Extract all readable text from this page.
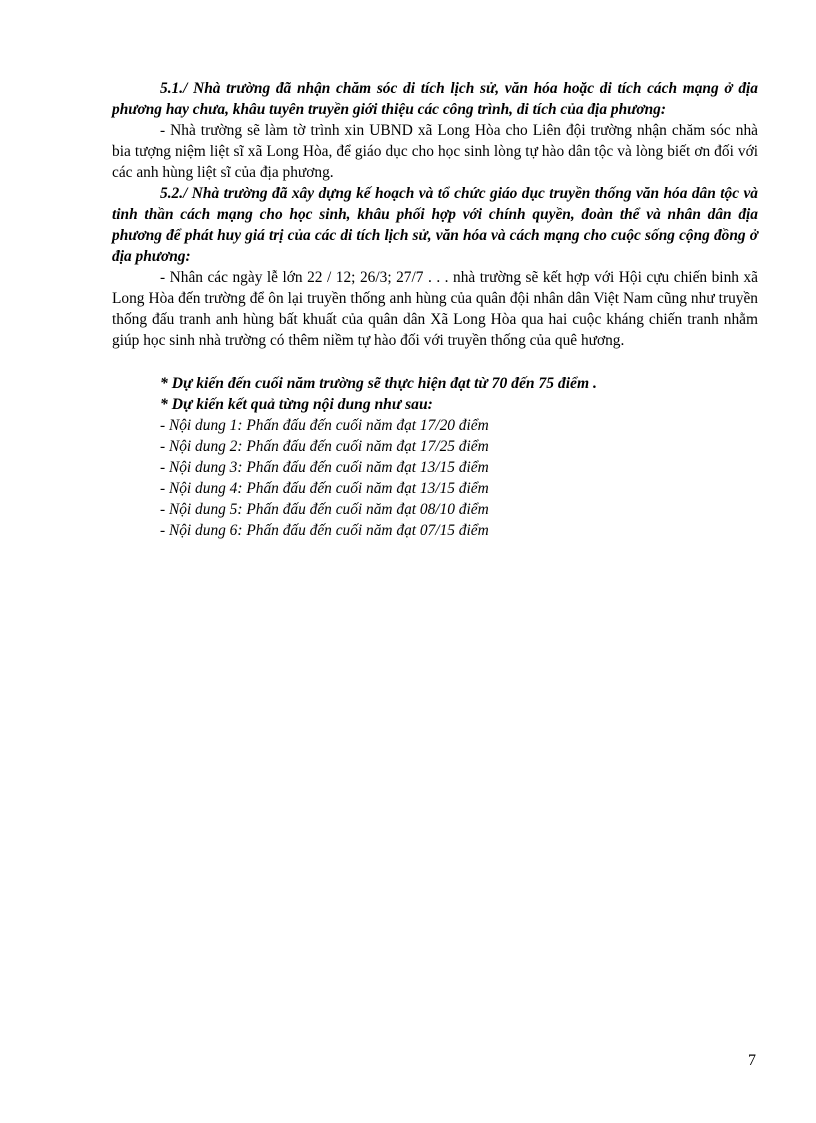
5.1./ Nhà trường đã nhận chăm sóc di tích lịch sử, văn hóa hoặc di tích cách mạng ở địa phương hay chưa, khâu tuyên truyền giới thiệu các công trình, di tích của địa phương:

- Nhà trường sẽ làm tờ trình xin UBND xã Long Hòa cho Liên đội trường nhận chăm sóc nhà bia tượng niệm liệt sĩ xã Long Hòa, để giáo dục cho học sinh lòng tự hào dân tộc và lòng biết ơn đối với các anh hùng liệt sĩ của địa phương.

5.2./ Nhà trường đã xây dựng kế hoạch và tổ chức giáo dục truyền thống văn hóa dân tộc và tinh thần cách mạng cho học sinh, khâu phối hợp với chính quyền, đoàn thể và nhân dân địa phương để phát huy giá trị của các di tích lịch sử, văn hóa và cách mạng cho cuộc sống cộng đồng ở địa phương:

- Nhân các ngày lễ lớn 22 / 12; 26/3; 27/7 . . . nhà trường sẽ kết hợp với Hội cựu chiến binh xã Long Hòa đến trường để ôn lại truyền thống anh hùng của quân đội nhân dân Việt Nam cũng như truyền thống đấu tranh anh hùng bất khuất của quân dân Xã Long Hòa qua hai cuộc kháng chiến tranh nhằm giúp học sinh nhà trường có thêm niềm tự hào đối với truyền thống của quê hương.

* Dự kiến đến cuối năm trường sẽ thực hiện đạt từ 70 đến 75 điểm .
* Dự kiến kết quả từng nội dung như sau:
- Nội dung 1: Phấn đấu đến cuối năm đạt 17/20 điểm
- Nội dung 2: Phấn đấu đến cuối năm đạt 17/25 điểm
- Nội dung 3: Phấn đấu đến cuối năm đạt 13/15 điểm
- Nội dung 4: Phấn đấu đến cuối năm đạt 13/15 điểm
- Nội dung 5: Phấn đấu đến cuối năm đạt 08/10 điểm
- Nội dung 6: Phấn đấu đến cuối năm đạt 07/15 điểm
7
